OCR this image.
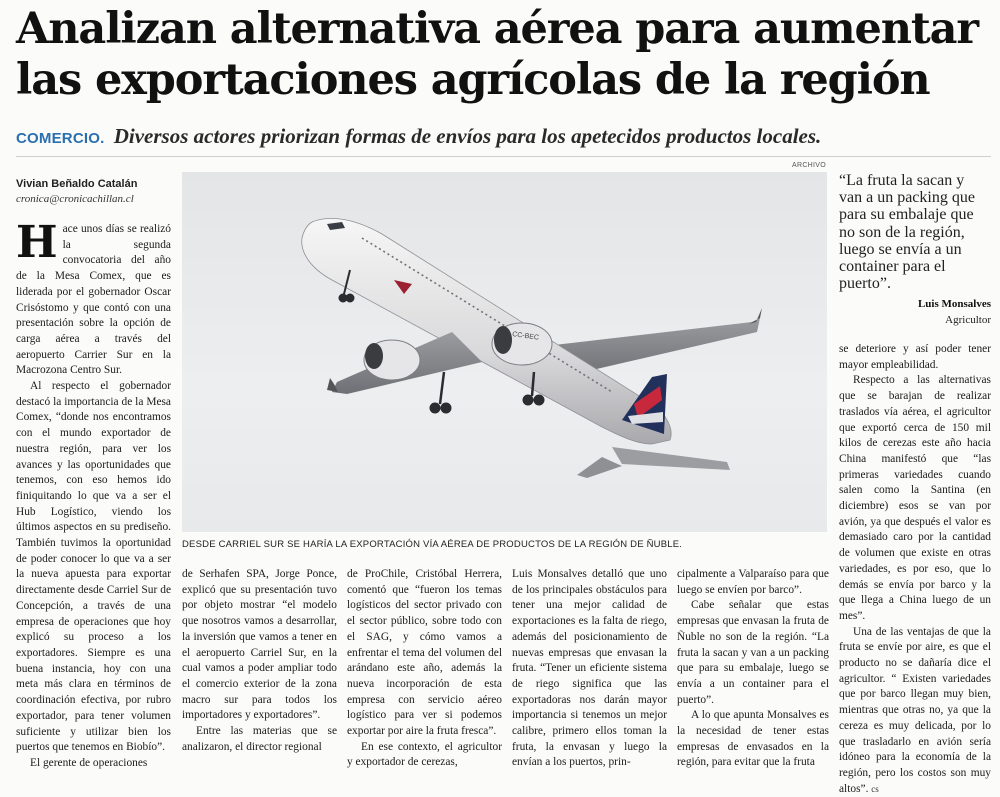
Analizan alternativa aérea para aumentar
las exportaciones agrícolas de la región
COMERCIO. Diversos actores priorizan formas de envíos para los apetecidos productos locales.
Vivian Beñaldo Catalán
cronica@cronicachillan.cl

Hace unos días se realizó la segunda convocatoria del año de la Mesa Comex, que es liderada por el gobernador Oscar Crisóstomo y que contó con una presentación sobre la opción de carga aérea a través del aeropuerto Carrier Sur en la Macrozona Centro Sur.

Al respecto el gobernador destacó la importancia de la Mesa Comex, “donde nos encontramos con el mundo exportador de nuestra región, para ver los avances y las oportunidades que tenemos, con eso hemos ido finiquitando lo que va a ser el Hub Logístico, viendo los últimos aspectos en su prediseño. También tuvimos la oportunidad de poder conocer lo que va a ser la nueva apuesta para exportar directamente desde Carriel Sur de Concepción, a través de una empresa de operaciones que hoy explicó su proceso a los exportadores. Siempre es una buena instancia, hoy con una meta más clara en términos de coordinación efectiva, por rubro exportador, para tener volumen suficiente y utilizar bien los puertos que tenemos en Biobío”.

El gerente de operaciones

ARCHIVO
CC-BEC
DESDE CARRIEL SUR SE HARÍA LA EXPORTACIÓN VÍA AÉREA DE PRODUCTOS DE LA REGIÓN DE ÑUBLE.
“La fruta la sacan y van a un packing que para su embalaje que no son de la región, luego se envía a un container para el puerto”.
Luis Monsalves
Agricultor

de Serhafen SPA, Jorge Ponce, explicó que su presentación tuvo por objeto mostrar “el modelo que nosotros vamos a desarrollar, la inversión que vamos a tener en el aeropuerto Carriel Sur, en la cual vamos a poder ampliar todo el comercio exterior de la zona macro sur para todos los importadores y exportadores”.

Entre las materias que se analizaron, el director regional

de ProChile, Cristóbal Herrera, comentó que “fueron los temas logísticos del sector privado con el sector público, sobre todo con el SAG, y cómo vamos a enfrentar el tema del volumen del arándano este año, además la nueva incorporación de esta empresa con servicio aéreo logístico para ver si podemos exportar por aire la fruta fresca”.

En ese contexto, el agricultor y exportador de cerezas,

Luis Monsalves detalló que uno de los principales obstáculos para tener una mejor calidad de exportaciones es la falta de riego, además del posicionamiento de nuevas empresas que envasan la fruta. “Tener un eficiente sistema de riego significa que las exportadoras nos darán mayor importancia si tenemos un mejor calibre, primero ellos toman la fruta, la envasan y luego la envían a los puertos, prin-

cipalmente a Valparaíso para que luego se envíen por barco”.

Cabe señalar que estas empresas que envasan la fruta de Ñuble no son de la región. “La fruta la sacan y van a un packing que para su embalaje, luego se envía a un container para el puerto”.

A lo que apunta Monsalves es la necesidad de tener estas empresas de envasados en la región, para evitar que la fruta

se deteriore y así poder tener mayor empleabilidad.

Respecto a las alternativas que se barajan de realizar traslados vía aérea, el agricultor que exportó cerca de 150 mil kilos de cerezas este año hacia China manifestó que “las primeras variedades cuando salen como la Santina (en diciembre) esos se van por avión, ya que después el valor es demasiado caro por la cantidad de volumen que existe en otras variedades, es por eso, que lo demás se envía por barco y la que llega a China luego de un mes”.

Una de las ventajas de que la fruta se envíe por aire, es que el producto no se dañaría dice el agricultor. “ Existen variedades que por barco llegan muy bien, mientras que otras no, ya que la cereza es muy delicada, por lo que trasladarlo en avión sería idóneo para la economía de la región, pero los costos son muy altos”. cs
